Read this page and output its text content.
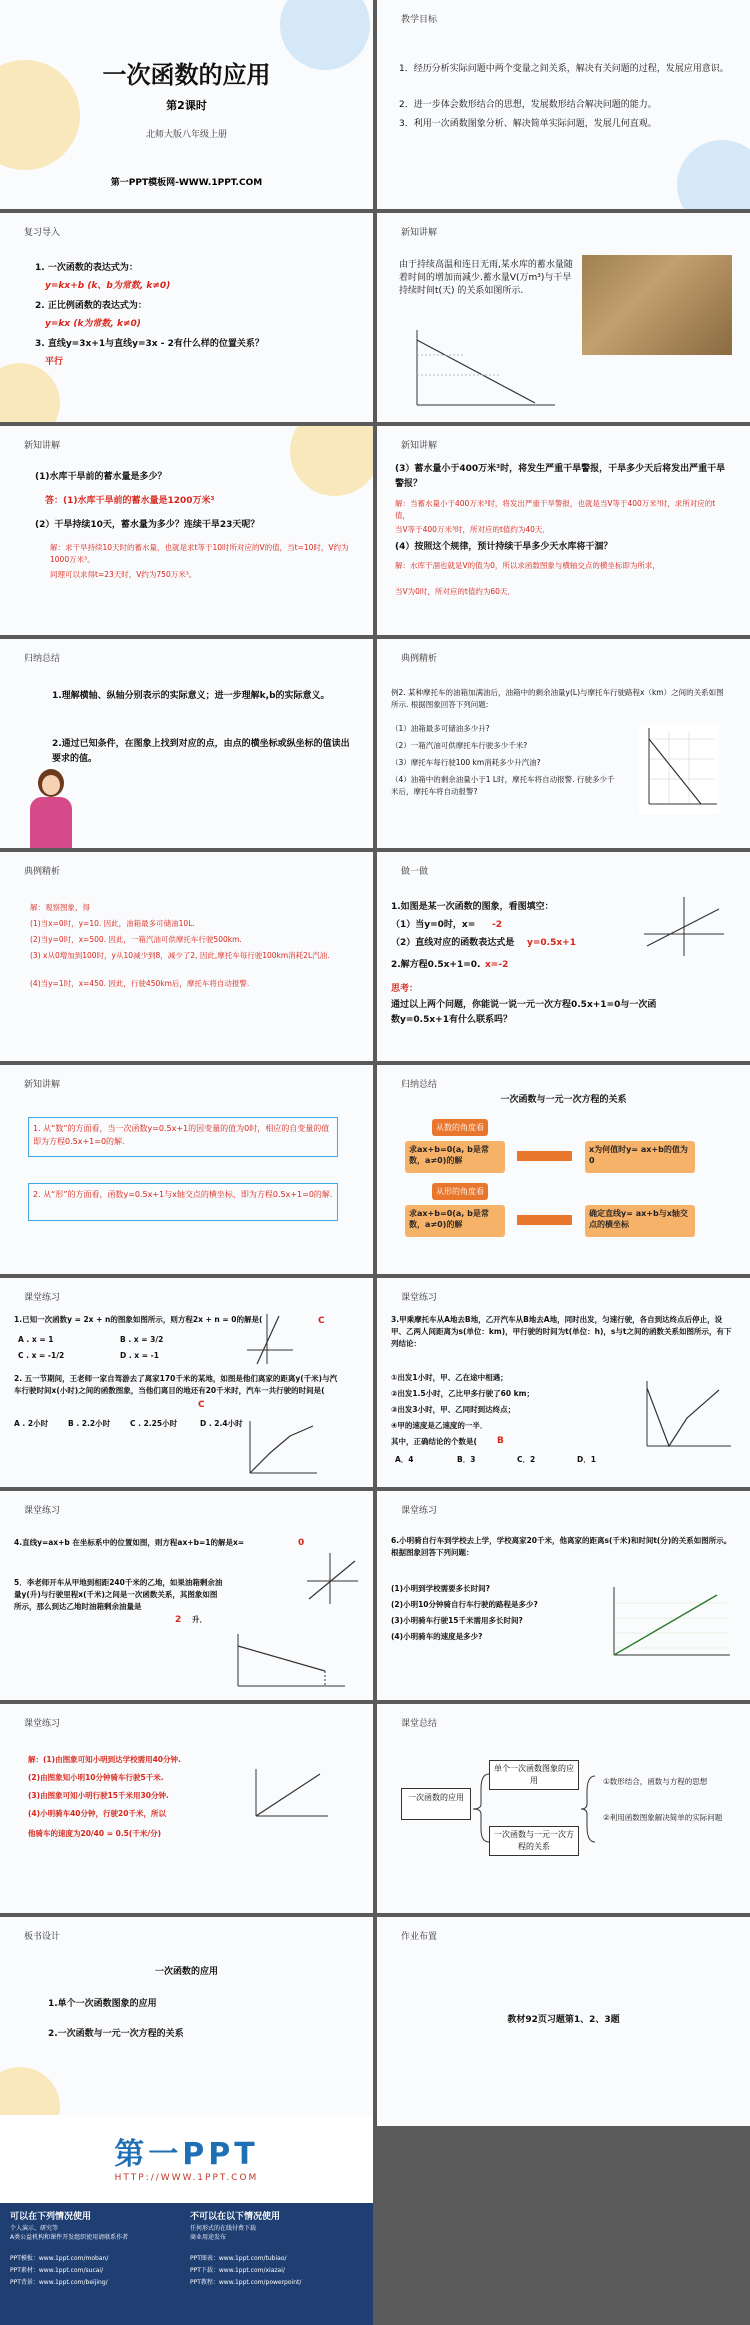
一次函数的应用
第2课时
北师大版八年级上册
第一PPT模板网-WWW.1PPT.COM
教学目标
1．经历分析实际问题中两个变量之间关系，解决有关问题的过程，发展应用意识。
2．进一步体会数形结合的思想，发展数形结合解决问题的能力。
3．利用一次函数图象分析、解决简单实际问题，发展几何直观。
复习导入
1. 一次函数的表达式为：
y=kx+b (k、b为常数, k≠0)
2. 正比例函数的表达式为：
y=kx (k为常数, k≠0)
3. 直线y=3x+1与直线y=3x - 2有什么样的位置关系？
平行
新知讲解
由于持续高温和连日无雨,某水库的蓄水量随着时间的增加而减少.蓄水量V(万m³)与干旱持续时间t(天) 的关系如图所示.
新知讲解
(1)水库干旱前的蓄水量是多少？
答：(1)水库干旱前的蓄水量是1200万米³
(2）干旱持续10天，蓄水量为多少？连续干旱23天呢？
解：求干旱持续10天时的蓄水量，也就是求t等于10时所对应的V的值，当t=10时，V约为1000万米³。
同理可以求得t=23天时，V约为750万米³。
新知讲解
(3）蓄水量小于400万米³时，将发生严重干旱警报，干旱多少天后将发出严重干旱警报？
解：当蓄水量小于400万米³时，将发出严重干旱警报，也就是当V等于400万米³时，求所对应的t值，
当V等于400万米³时，所对应的t值约为40天．
(4）按照这个规律，预计持续干旱多少天水库将干涸？
解：水库干涸也就是V的值为0，所以求函数图象与横轴交点的横坐标即为所求，
当V为0时，所对应的t值约为60天．
归纳总结
1.理解横轴、纵轴分别表示的实际意义；进一步理解k,b的实际意义。
2.通过已知条件，在图象上找到对应的点，由点的横坐标或纵坐标的值读出要求的值。
典例精析
例2. 某种摩托车的油箱加满油后，油箱中的剩余油量y(L)与摩托车行驶路程x（km）之间的关系如图所示. 根据图象回答下列问题:
（1）油箱最多可储油多少升?
（2）一箱汽油可供摩托车行驶多少千米?
（3）摩托车每行驶100 km消耗多少升汽油?
（4）油箱中的剩余油量小于1 L时，摩托车将自动报警. 行驶多少千米后，摩托车将自动报警?
典例精析
解：观察图象，得
(1)当x=0时，y=10. 因此，油箱最多可储油10L.
(2)当y=0时，x=500. 因此，一箱汽油可供摩托车行驶500km.
(3) x从0增加到100时，y从10减少到8，减少了2, 因此,摩托车每行驶100km消耗2L汽油.
(4)当y=1时，x=450. 因此，行驶450km后，摩托车将自动报警.
做一做
1.如图是某一次函数的图象，看图填空：
（1）当y=0时，x= -2
（2）直线对应的函数表达式是 y=0.5x+1
2.解方程0.5x+1=0. x=-2
思考：
通过以上两个问题，你能说一说一元一次方程0.5x+1=0与一次函数y=0.5x+1有什么联系吗？
新知讲解
1. 从“数”的方面看，当一次函数y=0.5x+1的因变量的值为0时，相应的自变量的值即为方程0.5x+1=0的解.
2. 从“形”的方面看，函数y=0.5x+1与x轴交点的横坐标，即为方程0.5x+1=0的解.
归纳总结
一次函数与一元一次方程的关系
从数的角度看
求ax+b=0(a, b是常数，a≠0)的解
x为何值时y= ax+b的值为0
从形的角度看
求ax+b=0(a, b是常数，a≠0)的解
确定直线y= ax+b与x轴交点的横坐标
课堂练习
1.已知一次函数y = 2x + n的图象如图所示，则方程2x + n = 0的解是(	C
A . x = 1	B . x = 3/2
C . x = -1/2	D . x = -1
2. 五一节期间，王老师一家自驾游去了离家170千米的某地，如图是他们离家的距离y(千米)与汽车行驶时间x(小时)之间的函数图象，当他们离目的地还有20千米时，汽车一共行驶的时间是(
C
A . 2小时	B . 2.2小时	C . 2.25小时	D . 2.4小时
课堂练习
3.甲乘摩托车从A地去B地，乙开汽车从B地去A地，同时出发，匀速行驶，各自到达终点后停止，设甲、乙两人间距离为s(单位：km)，甲行驶的时间为t(单位：h)，s与t之间的函数关系如图所示，有下列结论：
①出发1小时，甲、乙在途中相遇；
②出发1.5小时，乙比甲多行驶了60 km；
③出发3小时，甲、乙同时到达终点；
④甲的速度是乙速度的一半．
其中，正确结论的个数是( B
A．4	B．3	C．2	D．1
课堂练习
4.直线y=ax+b 在坐标系中的位置如图，则方程ax+b=1的解是x=	0
5．李老师开车从甲地到相距240千米的乙地，如果油箱剩余油量y(升)与行驶里程x(千米)之间是一次函数关系，其图象如图所示，那么到达乙地时油箱剩余油量是
2 升．
课堂练习
6.小明骑自行车到学校去上学，学校离家20千米，他离家的距离s(千米)和时间t(分)的关系如图所示。根据图象回答下列问题：
(1)小明到学校需要多长时间?
(2)小明10分钟骑自行车行驶的路程是多少?
(3)小明骑车行驶15千米需用多长时间?
(4)小明骑车的速度是多少?
课堂练习
解：(1)由图象可知小明到达学校需用40分钟.
(2)由图象知小明10分钟骑车行驶5千米.
(3)由图象可知小明行驶15千米用30分钟.
(4)小明骑车40分钟，行驶20千米，所以
他骑车的速度为20/40 = 0.5(千米/分)
课堂总结
一次函数的应用
单个一次函数图象的应用
一次函数与一元一次方程的关系
①数形结合，函数与方程的思想
②利用函数图象解决简单的实际问题
板书设计
一次函数的应用
1.单个一次函数图象的应用
2.一次函数与一元一次方程的关系
作业布置
教材92页习题第1、2、3题
第一PPT
HTTP://WWW.1PPT.COM
可以在下列情况使用
个人演示、研究等
A类公益机构和课件开发组织使用请联系作者
不可以在以下情况使用
任何形式的在线付费下载
商业用途发布
PPT模板：www.1ppt.com/moban/
PPT素材：www.1ppt.com/sucai/
PPT背景：www.1ppt.com/beijing/
PPT图表：www.1ppt.com/tubiao/
PPT下载：www.1ppt.com/xiazai/
PPT教程：www.1ppt.com/powerpoint/
